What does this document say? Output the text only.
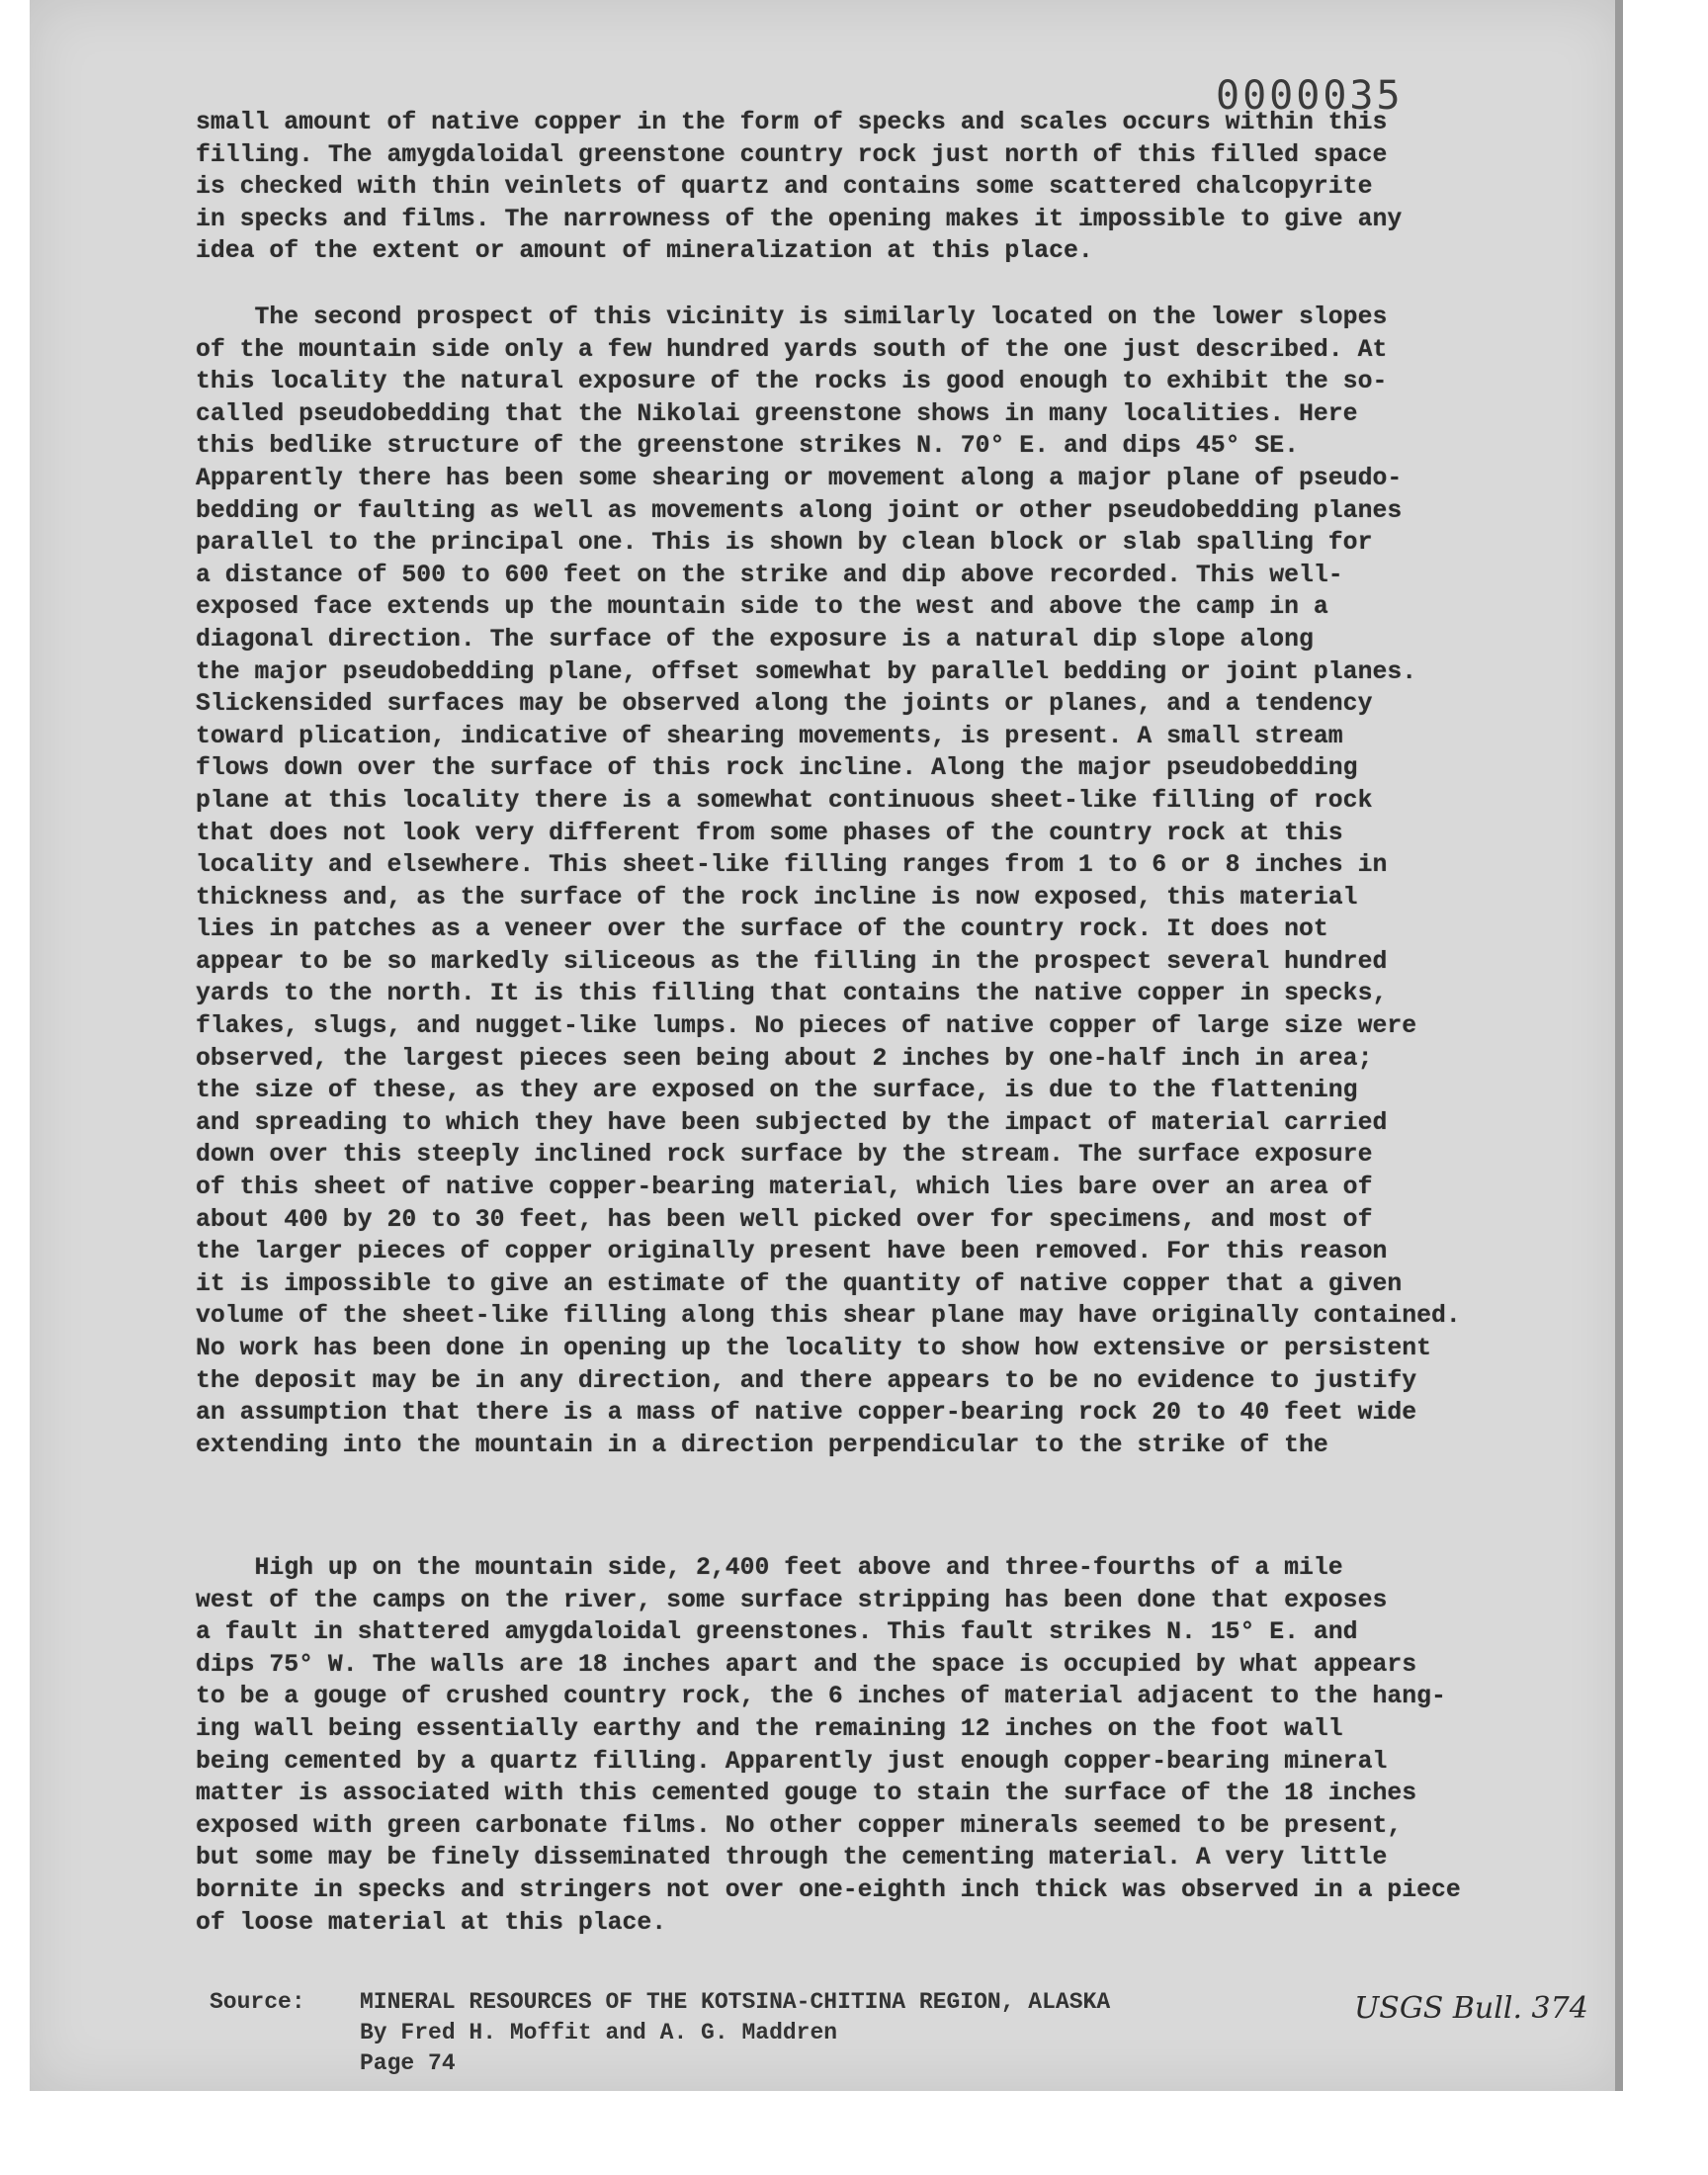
0000035

small amount of native copper in the form of specks and scales occurs within this
filling. The amygdaloidal greenstone country rock just north of this filled space
is checked with thin veinlets of quartz and contains some scattered chalcopyrite
in specks and films. The narrowness of the opening makes it impossible to give any
idea of the extent or amount of mineralization at this place.

The second prospect of this vicinity is similarly located on the lower slopes
of the mountain side only a few hundred yards south of the one just described. At
this locality the natural exposure of the rocks is good enough to exhibit the so-
called pseudobedding that the Nikolai greenstone shows in many localities. Here
this bedlike structure of the greenstone strikes N. 70° E. and dips 45° SE.
Apparently there has been some shearing or movement along a major plane of pseudo-
bedding or faulting as well as movements along joint or other pseudobedding planes
parallel to the principal one. This is shown by clean block or slab spalling for
a distance of 500 to 600 feet on the strike and dip above recorded. This well-
exposed face extends up the mountain side to the west and above the camp in a
diagonal direction. The surface of the exposure is a natural dip slope along
the major pseudobedding plane, offset somewhat by parallel bedding or joint planes.
Slickensided surfaces may be observed along the joints or planes, and a tendency
toward plication, indicative of shearing movements, is present. A small stream
flows down over the surface of this rock incline. Along the major pseudobedding
plane at this locality there is a somewhat continuous sheet-like filling of rock
that does not look very different from some phases of the country rock at this
locality and elsewhere. This sheet-like filling ranges from 1 to 6 or 8 inches in
thickness and, as the surface of the rock incline is now exposed, this material
lies in patches as a veneer over the surface of the country rock. It does not
appear to be so markedly siliceous as the filling in the prospect several hundred
yards to the north. It is this filling that contains the native copper in specks,
flakes, slugs, and nugget-like lumps. No pieces of native copper of large size were
observed, the largest pieces seen being about 2 inches by one-half inch in area;
the size of these, as they are exposed on the surface, is due to the flattening
and spreading to which they have been subjected by the impact of material carried
down over this steeply inclined rock surface by the stream. The surface exposure
of this sheet of native copper-bearing material, which lies bare over an area of
about 400 by 20 to 30 feet, has been well picked over for specimens, and most of
the larger pieces of copper originally present have been removed. For this reason
it is impossible to give an estimate of the quantity of native copper that a given
volume of the sheet-like filling along this shear plane may have originally contained.
No work has been done in opening up the locality to show how extensive or persistent
the deposit may be in any direction, and there appears to be no evidence to justify
an assumption that there is a mass of native copper-bearing rock 20 to 40 feet wide
extending into the mountain in a direction perpendicular to the strike of the

High up on the mountain side, 2,400 feet above and three-fourths of a mile
west of the camps on the river, some surface stripping has been done that exposes
a fault in shattered amygdaloidal greenstones. This fault strikes N. 15° E. and
dips 75° W. The walls are 18 inches apart and the space is occupied by what appears
to be a gouge of crushed country rock, the 6 inches of material adjacent to the hang-
ing wall being essentially earthy and the remaining 12 inches on the foot wall
being cemented by a quartz filling. Apparently just enough copper-bearing mineral
matter is associated with this cemented gouge to stain the surface of the 18 inches
exposed with green carbonate films. No other copper minerals seemed to be present,
but some may be finely disseminated through the cementing material. A very little
bornite in specks and stringers not over one-eighth inch thick was observed in a piece
of loose material at this place.

Source: MINERAL RESOURCES OF THE KOTSINA-CHITINA REGION, ALASKA
By Fred H. Moffit and A. G. Maddren
Page 74
USGS Bull. 374
